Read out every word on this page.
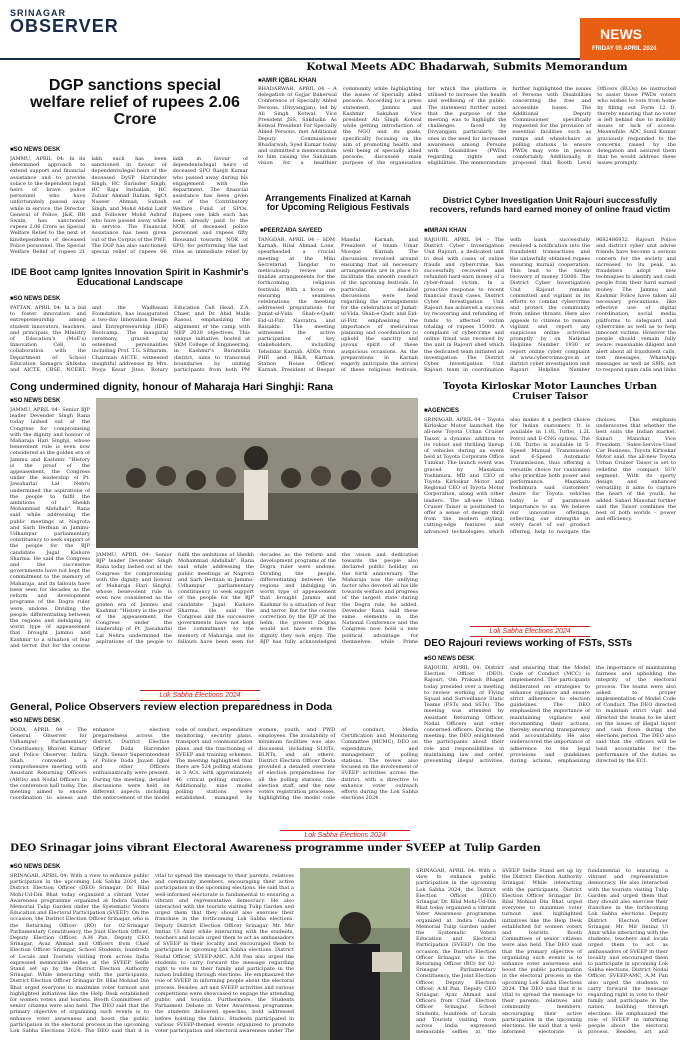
SRINAGAR
OBSERVER	NEWS
FRIDAY 05 APRIL 2024
DGP sanctions special welfare relief of rupees 2.06 Crore
■ SO NEWS DESK
JAMMU, APRIL 04: In its determined approach to extend support and financial assistance and to provide solace to the dependent legal heirs of brave police personnel who have unfortunately passed away while in service, the Director General of Police, J&K, RR Swain, has sanctioned rupees 2.06 Crore as Special Welfare Relief to the next of kin/dependents of deceased Police personnel. The Special Welfare Relief of rupees 21 lakh each has been sanctioned in favour of dependents/legal heirs of the deceased DySP Harvinder Singh, HC Surinder Singh, HC Raja Inshallah, HC Zubair Ahmad Rahim, SgCt Naseer Ahmad, Subash Singh, and Mohd Abdul Latif and Follower Mohd Ashraf who have passed away while in service. The Financial Assistance has been given out of the Corpus of the PWF. The DGP has also sanctioned special relief of rupees 06 lakh in favour of dependents/legal heirs of deceased SPO Ranjit Kumar who passed away during his engagement with the department. The financial assistance has been given out of the Contributory Welfare Fund of SPOs. Rupees one lakh each has been already paid to the NOK of deceased police personnel and rupees fifty thousand towards NOK of SPO, for performing the last rites as immediate relief by
Kotwal Meets ADC Bhadarwah, Submits Memorandum
■ AMIR IQBAL KHAN
BHADARWAH, APRIL 04 – A delegation of Gujjar Bakerwal Conference of Specially Abled Persons, (Divyangjan), led by Ali Singh Kotwal, Vice President JSS, Sakdudin As Kotwal President For Specially Abled Persons, met Additional Deputy Commissioner Bhadarwah, Syed Kumar today and submitted a memorandum to him raising the Salubiam vision for a healthier community while highlighting the issues of Specially abled persons. According to a press statement, Jammu and Kashmir Sakuhan Vice president Ali Singh Kotwal while getting introduction of the NGO and its goals, specifically focusing on the aim of promoting health and well being of specially abled persons, discussed main purpose of the organisation for which the platform is utilised to increase the health and wellbeing of the public. The statement further noted that the purpose of the meeting was to highlight the challenges faced by Divyangjan, particularly the ones in the need for increased awareness among Persons with Disabilities (PWDs) regarding rights and eligibilities. The memorandum further highlighted the issues of Persons with Disabilities concerning the free and accessible buses. The Additional Deputy Commissioner specifically requested for the provision of essential facilities such as ramps and wheelchairs at polling stations to ensure PWDs may vote in person comfortably. Additionally, it proposed that Booth Level Officers (BLOs) be instructed to assist those PWDs voters who wishes to vote from home by filling out Form 12 D, thereby ensuring that no voter is left behind due to mobility issues or lack of access. Meanwhile, ADC Sunil Kumar graciously responded to the concerns raised by the delegation and assured them that he would address these issues promptly.
Arrangements Finalized at Karnah for Upcoming Religious Festivals
■ PEERZADA SAYEED
TANGDAR, APRIL 04 – SDM Karnah, Hilal Ahmad Lone, spearheaded a crucial meeting at the Mini Secretariat Tangdar to meticulously review and finalize arrangements for the forthcoming religious festivals. With a focus on ensuring seamless celebrations, the meeting addressed preparations for Jumat-ul-Vida, Shab-e-Qadr, Eid-ul-Fitr, Navratra, and Baisakhi. The meeting witnessed the active participation of key stakeholders, including Tehsildar Karnah, ADDs from PHE and R&B, Karnah, Station House Officer, Karnah, President of Beopar Mandal Karnah, and President of Imam Umar Mosque Karnah. The discussion revolved around ensuring that all necessary arrangements are in place to facilitate the smooth conduct of the upcoming festivals. In particular, detailed discussions were held regarding the arrangements for the celebrations of Jumat-ul-Vida, Shab-e-Qadr, and Eid-ul-Fitr, emphasizing the importance of meticulous planning and coordination to uphold the sanctity and joyous spirit of these auspicious occasions. As the preparations in Karnah eagerly anticipate the arrival of these religious festivals,
District Cyber Investigation Unit Rajouri successfully recovers, refunds hard earned money of online fraud victim
■ IMRAN KHAN
RAJOURI, APRIL 04 – The District Cyber Investigation Unit Rajouri, a dedicated unit to deal with cases of online frauds and cybercrime, has successfully recovered and refunded hard-earn money of a cyber-fraud victim. In a proactive response to recent financial fraud cases, District Cyber Investigation Unit Rajouri has achieved a success by recovering and refunding of funds to affected victim totaling of rupees 15000. A complaint of cybercrime and online fraud was received by the unit in Rajouri shed which the dedicated team initiated an investigation. The District Cyber Investigation Unit Rajouri team in coordination with bank successfully resolved a notification into the fraudulent transactions and the unlawfully obtained rupees ensuring mutual cooperation. This lead to the timely recovery of money 15000. The District Cyber Investigation Unit Rajouri remains committed and vigilant in its efforts to combat cybercrime and protect the community from online threats. Here also appeals to citizens to remain vigilant and report any suspicious online activities promptly by on National Helpline Number 1930 or report online cyber complaint at www.cybercrime.gov.in or district cyber investigation unit Rajouri Helpline Number 9682486932. Rajouri Police and district cyber unit advise friends have become a serious concern for the society and increased to its peak, as fraudsters adopt new techniques to identify and cash people from their hard earned money. The Jammu and Kashmir Police have taken all necessary precautions, like effective use of digital coordination, social media platforms to safeguard and cybercrime as well as to help innocent victims. However the people should remain fully aware, reasonable diligent and alert about all fraudulent calls, text messages, WhatsApp messages as well as SMS, not to respond spam calls and links
IDE Boot camp Ignites Innovation Spirit in Kashmir's Educational Landscape
■ SO NEWS DESK
PATTAN, APRIL 04: In a bid to foster innovation and entrepreneurship among student innovators, teachers, and principals, the Ministry of Education's (MoE's) Innovation Cell, in collaboration with the Department of School Education Samagra Shiksha and AICTE, CBSE, NCERT, and the Wadhwani Foundation, has inaugurated a two-day Innovation Design and Entrepreneurship (IDE) Bootcamp. The inaugural ceremony, graced by esteemed personalities including Prof. T.G. Sitharam, Chairman AICTE, witnessed insightful addresses by Mrs. Pooja Kesar Jitoo, Rotary Education Cell Head, Z.A. Chaer, and Dr. Abid Malik Rasool, emphasizing the alignment of the camp with NEP 2020 objectives. This unique initiative, hosted at SKM College of Engineering, in Kashmir's Baramulla district, aims to transcend boundaries by uniting participants from both PM
Cong undermined dignity, honour of Maharaja Hari Singhji: Rana
■ SO NEWS DESK
JAMMU, APRIL 04– Senior BJP leader Devender Singh Rana today lashed out at the Congress for compromising with the dignity and honour of Maharaja Hari Singhji, whose benevolent rule is even now considered as the golden era of Jammu and Kashmir. "History is the proof of the appeasement, the Congress under the leadership of Pt. Jawaharlal Lal Nehru undermined the aspirations of the people to fulfil the ambitions of Sheikh Mohammad Abdullah", Rana said while addressing the public meetings at Nagrota and Sarh Derbian in Jammu-Udhampur parliamentary constituency to seek support of the people for the BJP candidate Jugal Kishore Sharma. He said the Congress and the successive governments have not kept the commitment to the memory of Maharaja, and its fallouts have been seen for decades as the reform and development programs of the Dogra ruler were undone. Dividing the people, differentiating between the regions and indulging in worst type of appeasement that brought Jammu and Kashmir to a situation of fear and terror. But for the course
JAMMU, APRIL 04– Senior BJP leader Devender Singh Rana today lashed out at the Congress for compromising with the dignity and honour of Maharaja Hari Singhji, whose benevolent rule is even now considered as the golden era of Jammu and Kashmir. "History is the proof of the appeasement, the Congress under the leadership of Pt. Jawaharlal Lal Nehru undermined the aspirations of the people to fulfil the ambitions of Sheikh Mohammad Abdullah", Rana said while addressing the public meetings at Nagrota and Sarh Derbian in Jammu-Udhampur parliamentary constituency to seek support of the people for the BJP candidate Jugal Kishore Sharma. He said the Congress and the successive governments have not kept the commitment to the memory of Maharaja, and its fallouts have been seen for decades as the reform and development programs of the Dogra ruler were undone. Dividing the people, differentiating between the regions and indulging in worst type of appeasement that brought Jammu and Kashmir to a situation of fear and terror. But for the course correction by the BJP at the helm, the present Dogras would not have even the dignity they now enjoy. The BJP has fully acknowledged the vision and dedication towards the people also declared public holiday on the birth anniversary. The Maharaja was the unifying factor who devoted all his life towards welfare and progress of the largest state during the Dogra rule, he added. Devender Rana said these same elements in the National Conference and the Congress now hold a new political advantage for themselves, while Prime
Toyota Kirloskar Motor Launches Urban Cruiser Taisor
■ AGENCIES
SRINAGAR, APRIL 04 – Toyota Kirloskar Motor launched the all-new Toyota Urban Cruiser Taisor, a dynamic addition to its robust and thrilling lineup of vehicles during an event held at Toyota Corporate Office Tumkur. The launch event was graced by Masakazu Yoshimura, MD and CEO of Toyota Kirloskar Motor and Regional CEO of Toyota Motor Corporation, along with other leaders. The all-new Urban Cruiser Taisor is positioned to offer a sense of design thrill from the modern styling, cutting-edge features and advanced technologies, which also makes it a perfect choice for Indian customers. It is available in 1.0L Turbo, 1.2L Petrol and E-CNG options. The 1.0L Turbo is available in 5-Speed Manual Transmission and 6-Speed Automatic Transmission, thus offering a versatile choice for customers who prioritize both power and performance. Masakazu Yoshimura said customers' desire for Toyota vehicles today is of paramount importance to us. We believe our innovative offerings, reflecting our strengths in every facet of our product offering, help to navigate the choices. This emphasis underscores that whether the best suits the Indian market. Sabari Manohar, Vice President, Sales-Service-Used Car Business, Toyota Kirloskar Motor said, the all-new Toyota Urban Cruiser Taisor is set to redefine the compact SUV segment. With its sporty design and enhanced versatility, it aims to capture the heart of the youth, he added. Sabari Manohar further said the Taisor combines the best of both worlds – power and efficiency.
Lok Sabha Elections 2024
DEO Rajouri reviews working of FSTs, SSTs
■ SO NEWS DESK
RAJOURI, APRIL 04: District Election Officer (DEO), Rajouri, Om Prakash Bhagat today presided over a meeting to review working of Flying Squad and Surveillance Static Teams (FSTs and SSTs). The meeting was attended by Assistant Returning Officer, Nodal Officers and other concerned officers. During the meeting, the DEO enlightened the participants about their role and responsibilities in maintaining law and order, preventing illegal activities, and ensuring that the Model Code of Conduct (MCC) is implemented. The participants deliberated on strategies to enhance vigilance and ensure strict adherence to election guidelines. The DEO emphasized the importance of maintaining vigilance and documenting their actions, thereby ensuring transparency and accountability. He also underscored the importance of adherence to the legal provisions and guidelines during actions, emphasizing the importance of maintaining fairness and upholding the integrity of the electoral process. The teams were also asked to proper implementation of Model Code of Conduct. The DEO directed to maintain strict vigil and directed the teams to be alert on the issues of illegal liquor and cash flows during the elections period. The DEO also said that the officers will be held accountable for the performance of the duties as directed by the ECI.
Lok Sabha Elections 2024
General, Police Observers review election preparedness in Doda
■ SO NEWS DESK
DODA, APRIL 04 – The General Observer for Udhampur Parliamentary Constituency, Bhaveti Kumar and Police Observer, Indira Shah, convened a comprehensive meeting with Assistant Returning Officers (AROs) and Nodal Officers in the conference hall today. The meeting aimed to ensure coordination to assess and enhance election preparedness across the district. District Election Officer Doda Harvinder Singh, Senior Superintendent of Police Doda Javaid Iqbal and other Officers enthusiastically were present. During the meeting, detailed discussions were held on different aspects including the enforcement of the model code of conduct, expenditure monitoring, security plans, transport and communication plans, and the functioning of SVEEP and training schemes. The meeting highlighted that there are 524 polling stations in 3 ACs, with approximately 46 critical polling stations. Additionally, nine model polling stations were established, managed by women, youth, and PWD employees. The availability of minimum facilities was also discussed, including SLNTs, BLNTs, and all others. District Election Officer Doda provided a detailed overview of election preparedness for all the polling stations, the election staff, and the new voters registration processes, highlighting the model code of conduct, Media Certification and Monitoring Committee (MCMC), DEO on expenditure, and management of polling stations. The review also focused on the involvement of SVEEP activities across the district, with a directive to enhance voter outreach efforts during the Lok Sabha elections 2024.
Lok Sabha Elections 2024
DEO Srinagar joins vibrant Electoral Awareness programme under SVEEP at Tulip Garden
■ SO NEWS DESK
SRINAGAR, APRIL 04: With a view to enhance public participation in the upcoming Lok Sabha 2024, the District Election Officer (DEO) Srinagar, Dr. Bilal Mohi-Ud-Din Bhat today organized a vibrant Voter Awareness programme organized at Indira Gandhi Memorial Tulip Garden under the Systematic Voters Education and Electoral Participation (SVEEP). On the occasion, the District Election Officer Srinagar, who is the Returning Officer (RO) for 02-Srinagar Parliamentary Constituency, the Joint Election Officer, Deputy Election Officer, A.M Pan, Deputy CEO Srinagar, Ayaz Ahmad and Officers from Chief Election Officer Srinagar, School Students, hundreds of Locals and Tourists visiting from across India expressed memorable selfies at the SVEEP Selfie Stand set up by the District Election Authority Srinagar. While interacting with the participants, District Election Officer Srinagar Dr. Bilal Mohiud Din Bhat urged everyone to maximize voter turnout and highlighted initiatives like the Help Desk established for women voters and tourists. Booth Committees of senior citizens were also held. The DEO said that the primary objective of organizing such events is to enhance voter awareness and boost the public participation in the electoral process in the upcoming Lok Sabha Elections 2024. The DEO said that it is vital to spread the message to their parents, relatives and community members, encouraging their active participation in the upcoming elections. He said that a well-informed electorate is fundamental to ensuring a vibrant and representative democracy. He also interacted with the tourists visiting Tulip Garden and urged them that they should also exercise their franchise in the forthcoming Lok Sabha elections. Deputy District Election Officer Srinagar, Mr. Mir Imtiaz Ul Amir while interacting with the students, teachers and locals urged them to act as ambassadors of SVEEP in their locality and encouraged them to participate in upcoming Lok Sabha elections. District Nodal Officer, SVEEP-AMC, A.M Pan also urged the students to carry forward the message regarding right to vote to their family and participate in the nation building through elections. He emphasized the role of SVEEP in informing people about the electoral process. Besides, art and SVEEP activities and various competitions were showcased to engage the attending public and tourists. Furthermore, the Students Parliament Debate at Voter Awareness programme, the students delivered speeches, bold addressed before hoisting the fabric. Students participated in various SVEEP-themed events organized to promote voter participation and electoral awareness under The
SRINAGAR, APRIL 04: With a view to enhance public participation in the upcoming Lok Sabha 2024, the District Election Officer (DEO) Srinagar, Dr. Bilal Mohi-Ud-Din Bhat today organized a vibrant Voter Awareness programme organized at Indira Gandhi Memorial Tulip Garden under the Systematic Voters Education and Electoral Participation (SVEEP). On the occasion, the District Election Officer Srinagar, who is the Returning Officer (RO) for 02-Srinagar Parliamentary Constituency, the Joint Election Officer, Deputy Election Officer, A.M Pan, Deputy CEO Srinagar, Ayaz Ahmad and Officers from Chief Election Officer Srinagar, School Students, hundreds of Locals and Tourists visiting from across India expressed memorable selfies at the SVEEP Selfie Stand set up by the District Election Authority Srinagar. While interacting with the participants, District Election Officer Srinagar Dr. Bilal Mohiud Din Bhat urged everyone to maximize voter turnout and highlighted initiatives like the Help Desk established for women voters and tourists. Booth Committees of senior citizens were also held. The DEO said that the primary objective of organizing such events is to enhance voter awareness and boost the public participation in the electoral process in the upcoming Lok Sabha Elections 2024. The DEO said that it is vital to spread the message to their parents, relatives and community members, encouraging their active participation in the upcoming elections. He said that a well-informed electorate is fundamental to ensuring a vibrant and representative democracy. He also interacted with the tourists visiting Tulip Garden and urged them that they should also exercise their franchise in the forthcoming Lok Sabha elections. Deputy District Election Officer Srinagar, Mr. Mir Imtiaz Ul Amir while interacting with the students, teachers and locals urged them to act as ambassadors of SVEEP in their locality and encouraged them to participate in upcoming Lok Sabha elections. District Nodal Officer, SVEEP-AMC, A.M Pan also urged the students to carry forward the message regarding right to vote to their family and participate in the nation building through elections. He emphasized the role of SVEEP in informing people about the electoral process. Besides, art and
